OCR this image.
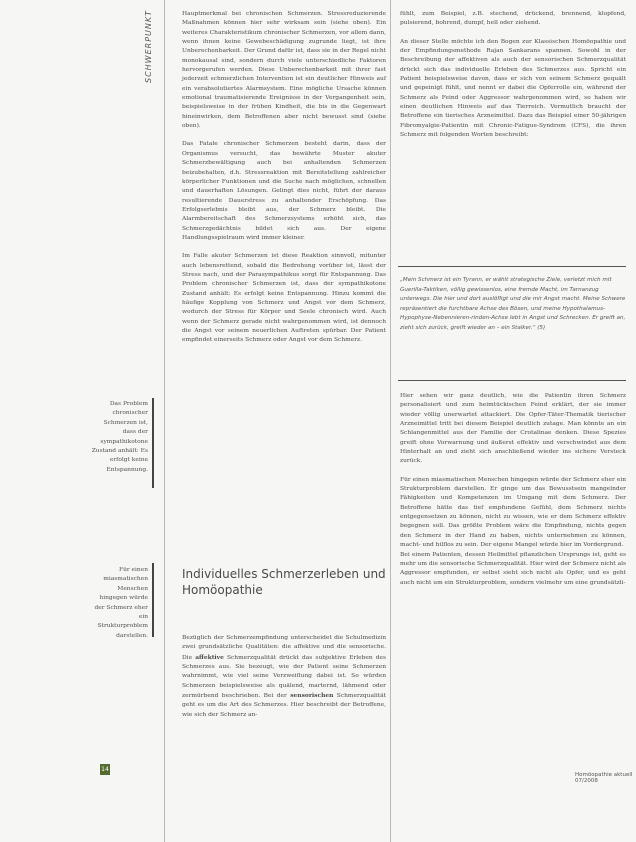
SCHWERPUNKT	Hauptmerkmal bei chronischen Schmerzen. Stressreduzierende Maßnahmen können hier sehr wirksam sein (siehe oben). Ein weiteres Charakteristikum chronischer Schmerzen, vor allem dann, wenn ihnen keine Gewebeschädigung zugrunde liegt, ist ihre Unberechenbarkeit. Der Grund dafür ist, dass sie in der Regel nicht monokausal sind, sondern durch viele unterschiedliche Faktoren hervorgerufen werden. Diese Unberechenbarkeit mit ihrer fast jederzeit schmerzlichen Intervention ist ein deutlicher Hinweis auf ein verabsolutiertes Alarmsystem. Eine mögliche Ursache können emotional traumatisierende Ereignisse in der Vergangenheit sein, beispielsweise in der frühen Kindheit, die bis in die Gegenwart hineinwirken, dem Betroffenen aber nicht bewusst sind (siehe oben).

Das Fatale chronischer Schmerzen besteht darin, dass der Organismus versucht, das bewährte Muster akuter Schmerzbewältigung auch bei anhaltenden Schmerzen beizubehalten, d.h. Stressreaktion mit Bereitstellung zahlreicher körperlicher Funktionen und die Suche nach möglichen, schnellen und dauerhaften Lösungen. Gelingt dies nicht, führt der daraus resultierende Dauerstress zu anhaltender Erschöpfung. Das Erfolgserlebnis bleibt aus, der Schmerz bleibt. Die Alarmbereitschaft des Schmerzsystems erhöht sich, das Schmerzgedächtnis bildet sich aus. Der eigene Handlungsspielraum wird immer kleiner.

Im Falle akuter Schmerzen ist diese Reaktion sinnvoll, mitunter auch lebensrettend, sobald die Bedrohung vorüber ist, lässt der Stress nach, und der Parasympathikus sorgt für Entspannung. Das Problem chronischer Schmerzen ist, dass der sympathikotone Zustand anhält: Es erfolgt keine Entspannung. Hinzu kommt die häufige Kopplung von Schmerz und Angst vor dem Schmerz, wodurch der Stress für Körper und Seele chronisch wird. Auch wenn der Schmerz gerade nicht wahrgenommen wird, ist dennoch die Angst vor seinem neuerlichen Auftreten spürbar. Der Patient empfindet einerseits Schmerz oder Angst vor dem Schmerz.

Das Problem chronischer Schmerzen ist, dass der sympathikotone Zustand anhält: Es erfolgt keine Entspannung.
Für einen miasmatischen Menschen hingegen würde der Schmerz eher ein Strukturproblem darstellen.
Individuelles Schmerzerleben und Homöopathie

Bezüglich der Schmerzempfindung unterscheidet die Schulmedizin zwei grundsätzliche Qualitäten: die affektive und die sensorische. Die affektive Schmerzqualität drückt das subjektive Erleben des Schmerzes aus. Sie bezeugt, wie der Patient seine Schmerzen wahrnimmt, wie viel seine Verzweiflung dabei ist. So würden Schmerzen beispielsweise als quälend, marternd, lähmend oder zermürbend beschrieben. Bei der sensorischen Schmerzqualität geht es um die Art des Schmerzes. Hier beschreibt der Betroffene, wie sich der Schmerz an-

fühlt, zum Beispiel, z.B. stechend, drückend, brennend, klopfend, pulsierend, bohrend, dumpf, hell oder ziehend.

An dieser Stelle möchte ich den Bogen zur Klassischen Homöopathie und der Empfindungsmethode Rajan Sankarans spannen. Sowohl in der Beschreibung der affektiven als auch der sensorischen Schmerzqualität drückt sich das individuelle Erleben des Schmerzes aus. Spricht ein Patient beispielsweise davon, dass er sich von seinem Schmerz gequält und gepeinigt fühlt, und nennt er dabei die Opferrolle ein, während der Schmerz als Feind oder Aggressor wahrgenommen wird, so haben wir einen deutlichen Hinweis auf das Tierreich. Vermutlich braucht der Betroffene ein tierisches Arzneimittel. Dazu das Beispiel einer 50-jährigen Fibromyalgie-Patientin mit Chronic-Fatigue-Syndrom (CFS), die ihren Schmerz mit folgenden Worten beschreibt:

„Mein Schmerz ist ein Tyrann, er wählt strategische Ziele, verletzt mich mit Guerilla-Taktiken, völlig gewissenlos, eine fremde Macht, im Tarnanzug unterwegs. Die hier und dort auslöfligt und die mir Angst macht. Meine Schwere repräsentiert die furchtbare Achse des Bösen, und meine Hypothalamus-Hypophyse-Nebennieren-rinden-Achse lebt in Angst und Schrecken. Er greift an, zieht sich zurück, greift wieder an – ein Stalker.“ (5)

Hier sehen wir ganz deutlich, wie die Patientin ihren Schmerz personalisiert und zum heimtückischen Feind erklärt, der sie immer wieder völlig unerwartet attackiert. Die Opfer-Täter-Thematik tierischer Arzneimittel tritt bei diesem Beispiel deutlich zutage. Man könnte an ein Schlangenmittel aus der Familie der Crotalinae denken. Diese Spezies greift ohne Vorwarnung und äußerst effektiv und verschwindet aus dem Hinterhalt an und zieht sich anschließend wieder ins sichere Versteck zurück.

Für einen miasmatischen Menschen hingegen würde der Schmerz eher ein Strukturproblem darstellen. Er ginge um das Bewusstsein mangelnder Fähigkeiten und Kompetenzen im Umgang mit dem Schmerz. Der Betroffene hätte das tief empfundene Gefühl, dem Schmerz nichts entgegensetzen zu können, nicht zu wissen, wie er dem Schmerz effektiv begegnen soll. Das größte Problem wäre die Empfindung, nichts gegen den Schmerz in der Hand zu haben, nichts unternehmen zu können, macht- und hilflos zu sein. Der eigene Mangel würde hier im Vordergrund.

Bei einem Patienten, dessen Heilmittel pflanzlichen Ursprungs ist, geht es mehr um die sensorische Schmerzqualität. Hier wird der Schmerz nicht als Aggressor empfunden, er selbst sieht sich nicht als Opfer, und es geht auch nicht um ein Strukturproblem, sondern vielmehr um eine grundsätzli-

14
Homöopathie aktuell 07/2008
